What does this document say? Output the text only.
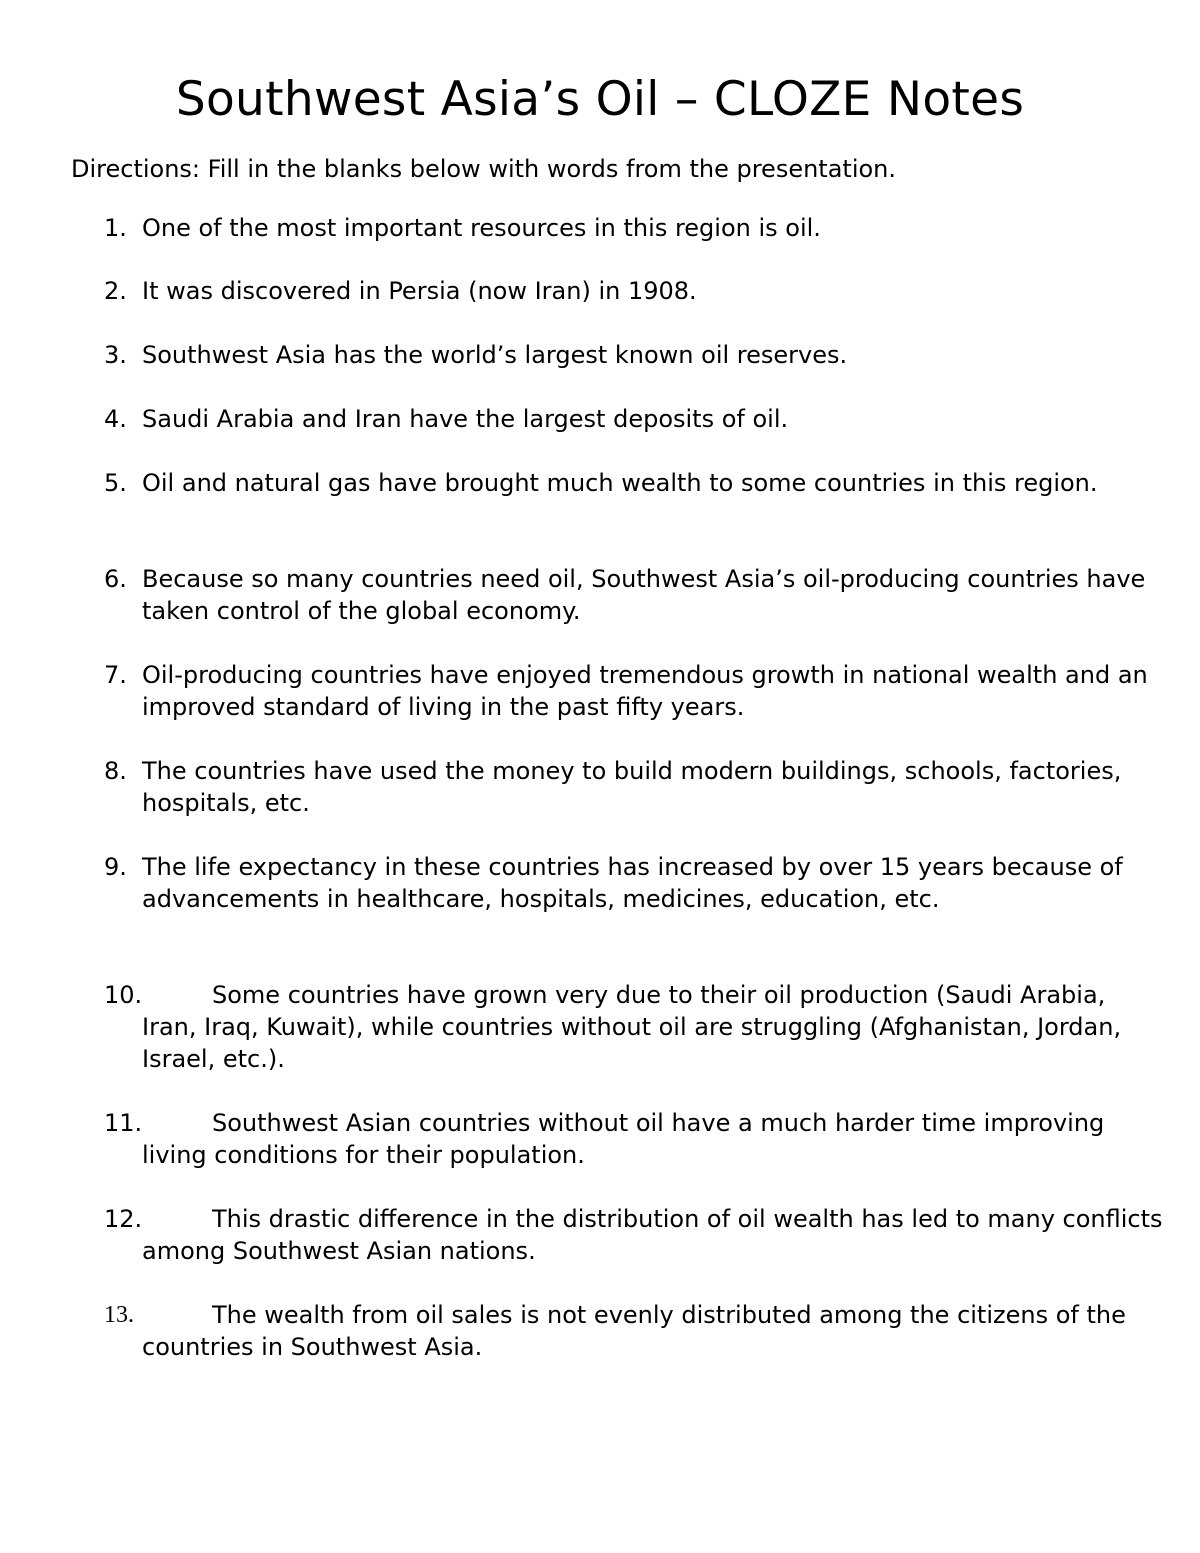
Southwest Asia’s Oil – CLOZE Notes

Directions: Fill in the blanks below with words from the presentation.

1. One of the most important resources in this region is oil.
2. It was discovered in Persia (now Iran) in 1908.
3. Southwest Asia has the world’s largest known oil reserves.
4. Saudi Arabia and Iran have the largest deposits of oil.
5. Oil and natural gas have brought much wealth to some countries in this region.
6. Because so many countries need oil, Southwest Asia’s oil-producing countries have taken control of the global economy.
7. Oil-producing countries have enjoyed tremendous growth in national wealth and an improved standard of living in the past fifty years.
8. The countries have used the money to build modern buildings, schools, factories, hospitals, etc.
9. The life expectancy in these countries has increased by over 15 years because of advancements in healthcare, hospitals, medicines, education, etc.
10.	Some countries have grown very due to their oil production (Saudi Arabia, Iran, Iraq, Kuwait), while countries without oil are struggling (Afghanistan, Jordan, Israel, etc.).
11.	Southwest Asian countries without oil have a much harder time improving living conditions for their population.
12.	This drastic difference in the distribution of oil wealth has led to many conflicts among Southwest Asian nations.
13.	The wealth from oil sales is not evenly distributed among the citizens of the countries in Southwest Asia.
